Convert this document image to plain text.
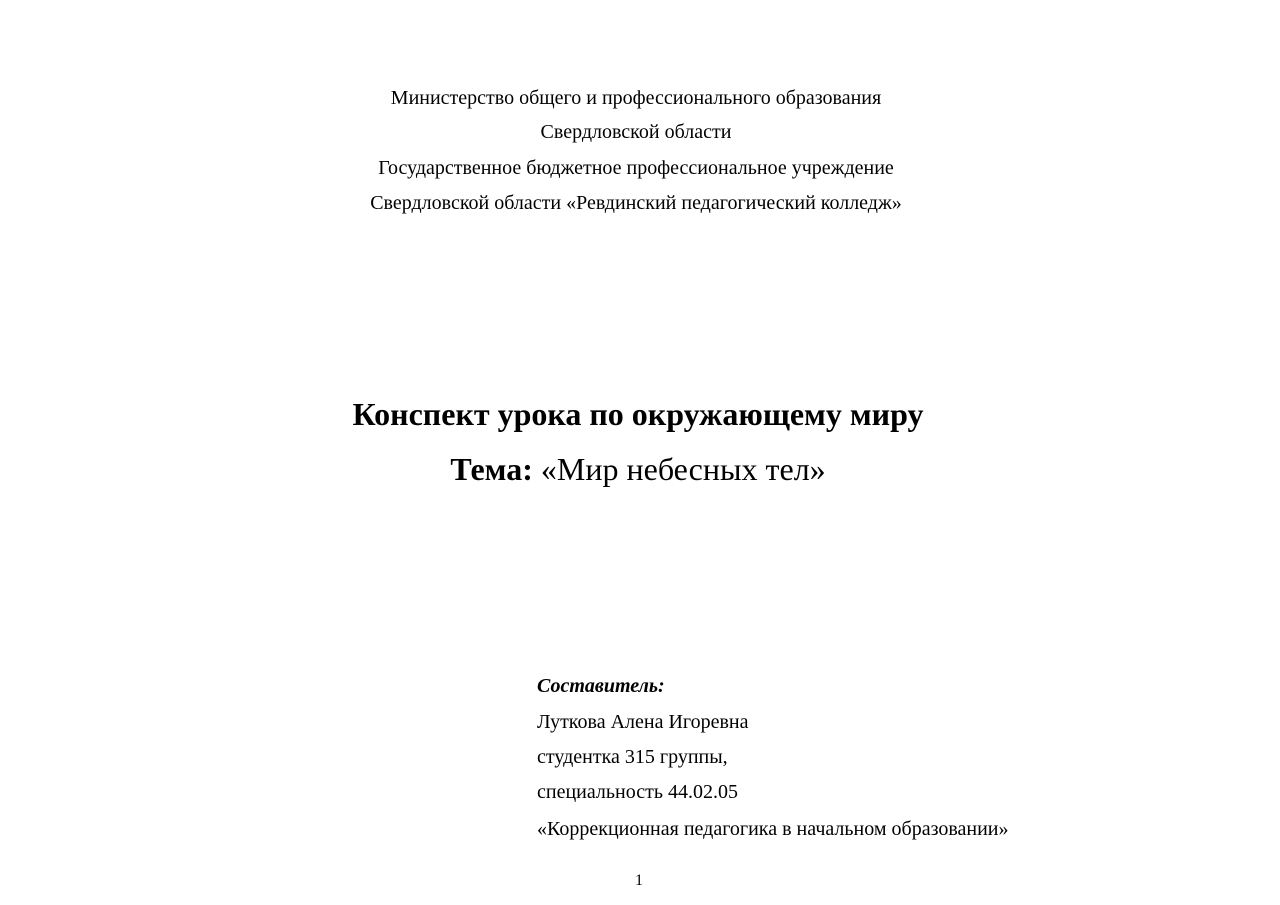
Министерство общего и профессионального образования
Свердловской области
Государственное бюджетное профессиональное учреждение
Свердловской области «Ревдинский педагогический колледж»
Конспект урока по окружающему миру
Тема: «Мир небесных тел»
Составитель:
Луткова Алена Игоревна
студентка 315 группы,
специальность 44.02.05
«Коррекционная педагогика в начальном образовании»
1
